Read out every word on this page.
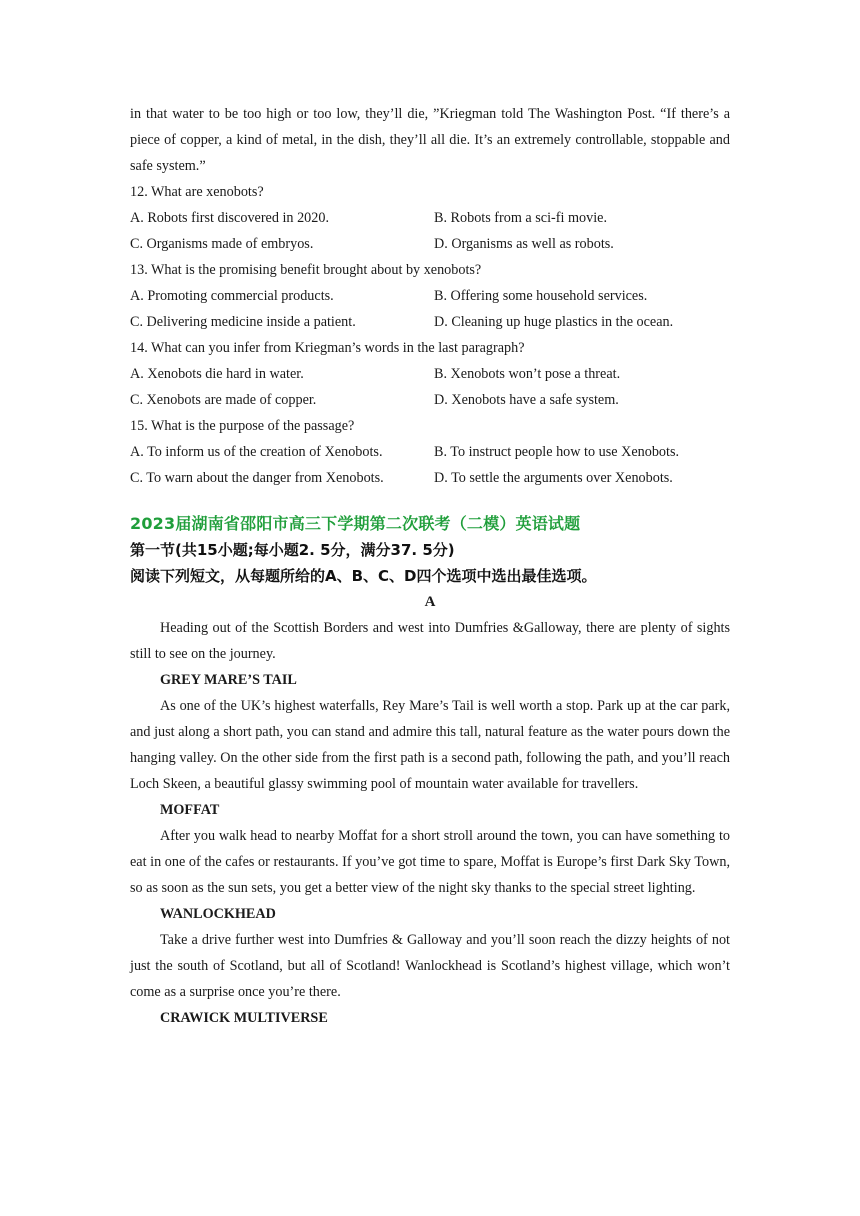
in that water to be too high or too low, they’ll die, ”Kriegman told The Washington Post. “If there’s a piece of copper, a kind of metal, in the dish, they’ll all die. It’s an extremely controllable, stoppable and safe system.”
12. What are xenobots?
A. Robots first discovered in 2020.	B. Robots from a sci-fi movie.
C. Organisms made of embryos.	D. Organisms as well as robots.
13. What is the promising benefit brought about by xenobots?
A. Promoting commercial products.	B. Offering some household services.
C. Delivering medicine inside a patient.	D. Cleaning up huge plastics in the ocean.
14. What can you infer from Kriegman’s words in the last paragraph?
A. Xenobots die hard in water.	B. Xenobots won’t pose a threat.
C. Xenobots are made of copper.	D. Xenobots have a safe system.
15. What is the purpose of the passage?
A. To inform us of the creation of Xenobots.	B. To instruct people how to use Xenobots.
C. To warn about the danger from Xenobots.	D. To settle the arguments over Xenobots.
2023届湖南省邵阳市高三下学期第二次联考（二模）英语试题
第一节(共15小题;每小题2. 5分，满分37. 5分)
阅读下列短文，从每题所给的A、B、C、D四个选项中选出最佳选项。
A
Heading out of the Scottish Borders and west into Dumfries &Galloway, there are plenty of sights still to see on the journey.
GREY MARE’S TAIL
As one of the UK’s highest waterfalls, Rey Mare’s Tail is well worth a stop. Park up at the car park, and just along a short path, you can stand and admire this tall, natural feature as the water pours down the hanging valley. On the other side from the first path is a second path, following the path, and you’ll reach Loch Skeen, a beautiful glassy swimming pool of mountain water available for travellers.
MOFFAT
After you walk head to nearby Moffat for a short stroll around the town, you can have something to eat in one of the cafes or restaurants. If you’ve got time to spare, Moffat is Europe’s first Dark Sky Town, so as soon as the sun sets, you get a better view of the night sky thanks to the special street lighting.
WANLOCKHEAD
Take a drive further west into Dumfries & Galloway and you’ll soon reach the dizzy heights of not just the south of Scotland, but all of Scotland! Wanlockhead is Scotland’s highest village, which won’t come as a surprise once you’re there.
CRAWICK MULTIVERSE
